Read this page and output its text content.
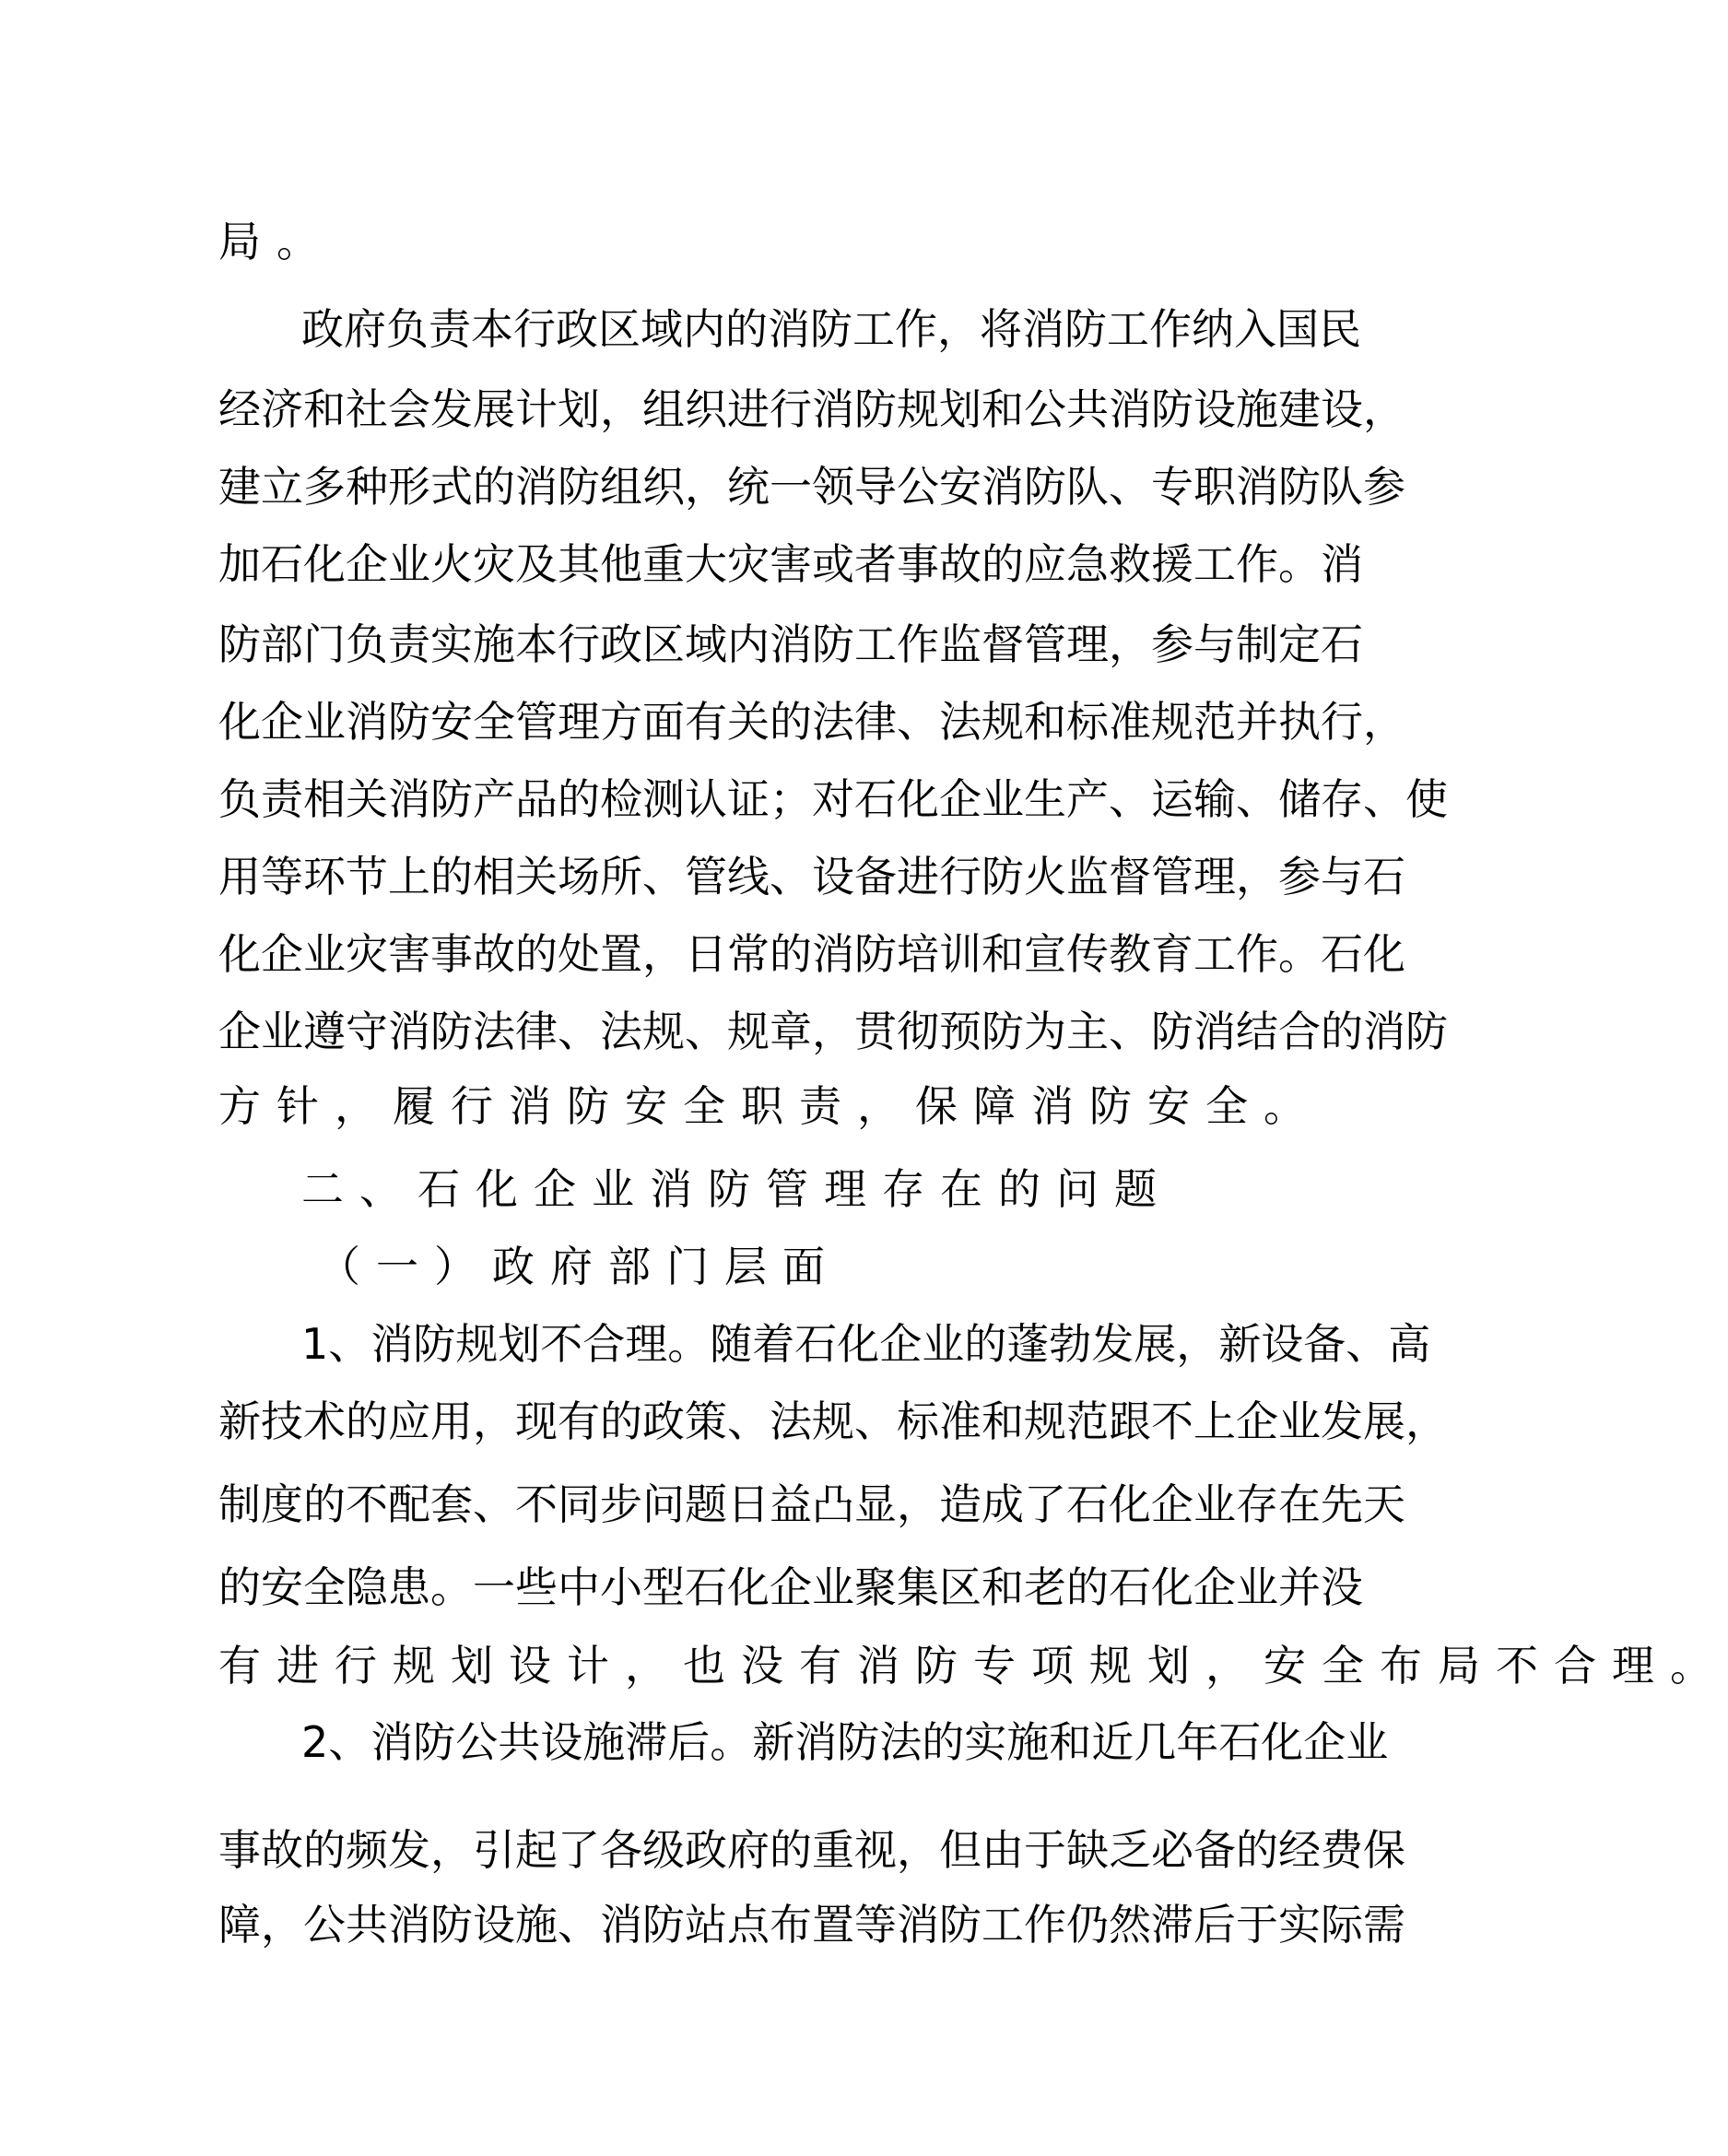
局。
政府负责本行政区域内的消防工作，将消防工作纳入国民
经济和社会发展计划，组织进行消防规划和公共消防设施建设，
建立多种形式的消防组织，统一领导公安消防队、专职消防队参
加石化企业火灾及其他重大灾害或者事故的应急救援工作。消
防部门负责实施本行政区域内消防工作监督管理，参与制定石
化企业消防安全管理方面有关的法律、法规和标准规范并执行，
负责相关消防产品的检测认证；对石化企业生产、运输、储存、使
用等环节上的相关场所、管线、设备进行防火监督管理，参与石
化企业灾害事故的处置，日常的消防培训和宣传教育工作。石化
企业遵守消防法律、法规、规章，贯彻预防为主、防消结合的消防
方针，履行消防安全职责，保障消防安全。
二、石化企业消防管理存在的问题
（一）政府部门层面
1、消防规划不合理。随着石化企业的蓬勃发展，新设备、高
新技术的应用，现有的政策、法规、标准和规范跟不上企业发展，
制度的不配套、不同步问题日益凸显，造成了石化企业存在先天
的安全隐患。一些中小型石化企业聚集区和老的石化企业并没
有进行规划设计，也没有消防专项规划，安全布局不合理。
2、消防公共设施滞后。新消防法的实施和近几年石化企业
事故的频发，引起了各级政府的重视，但由于缺乏必备的经费保
障，公共消防设施、消防站点布置等消防工作仍然滞后于实际需
